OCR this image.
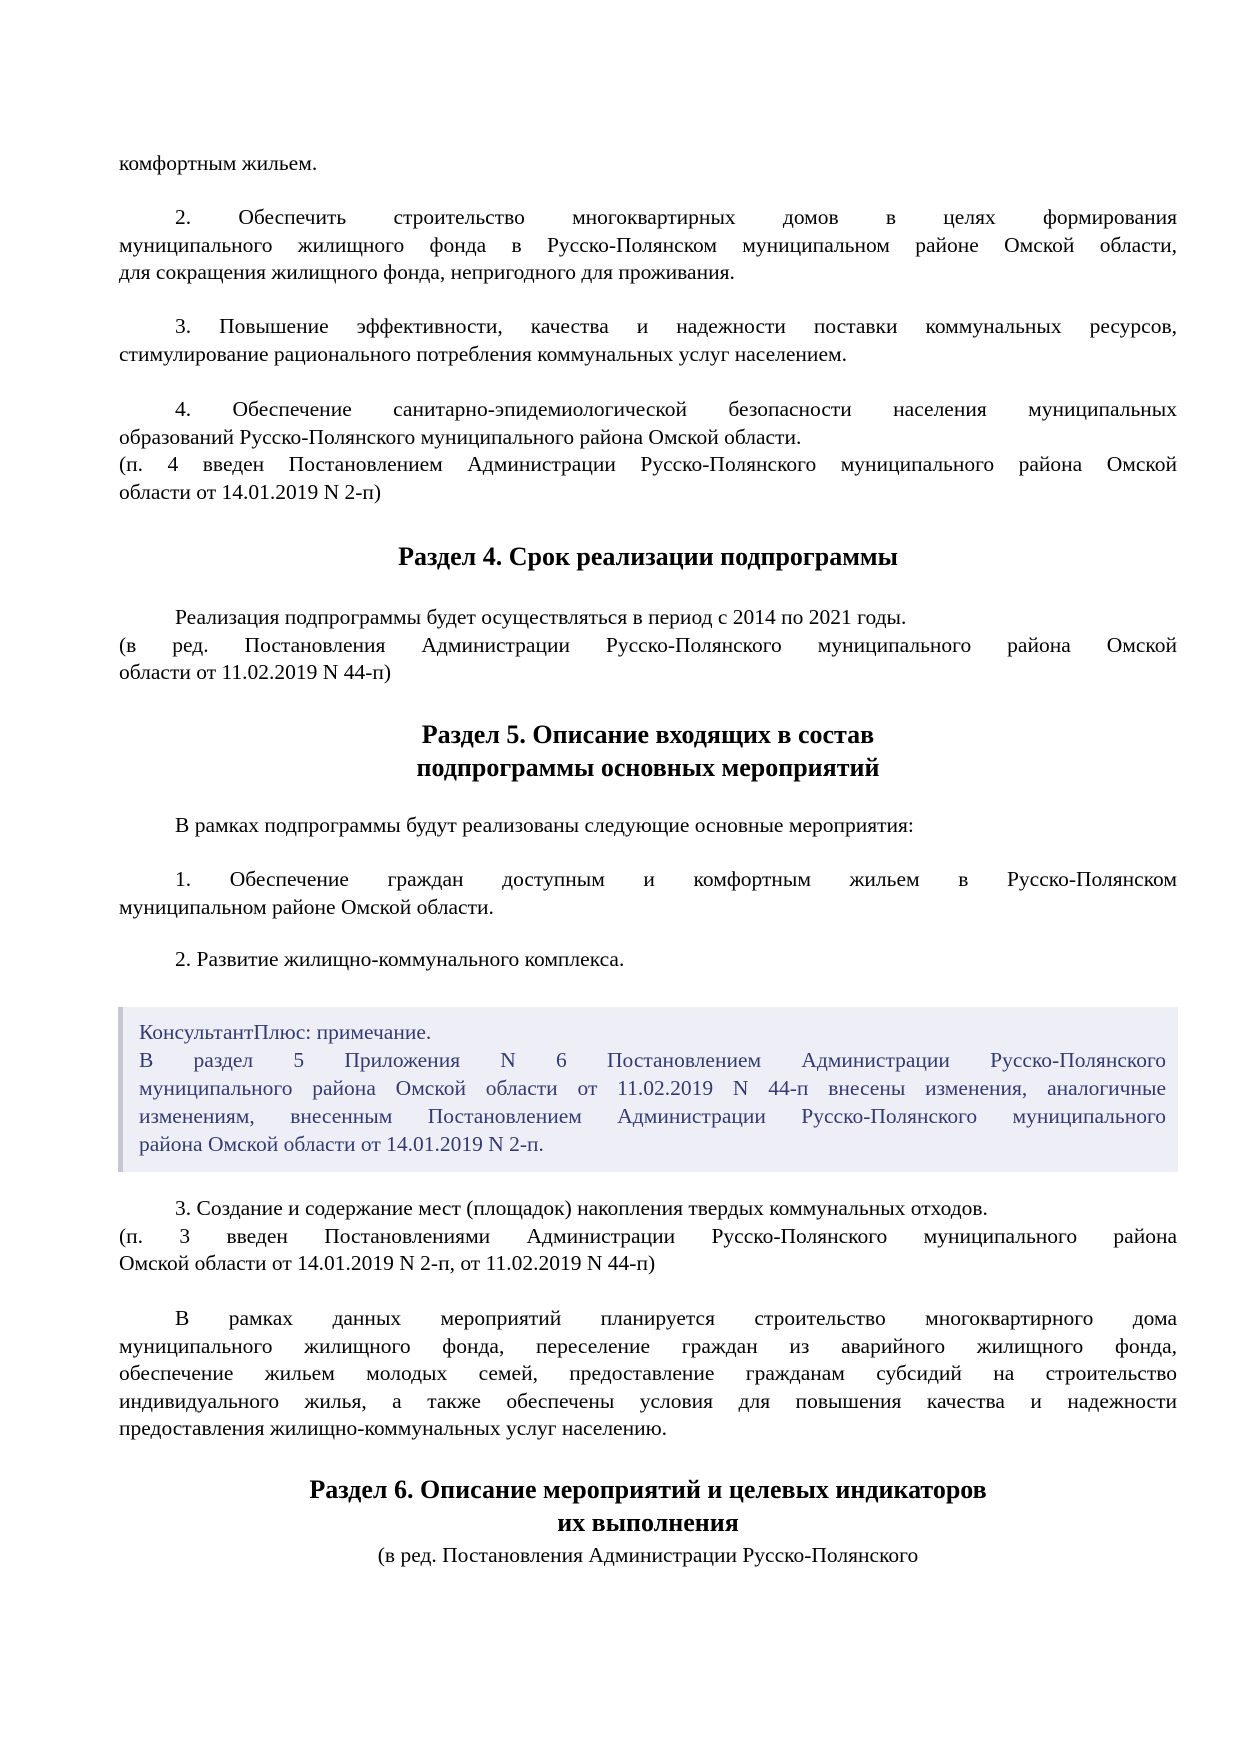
комфортным жильем.
2. Обеспечить строительство многоквартирных домов в целях формирования
муниципального жилищного фонда в Русско-Полянском муниципальном районе Омской области,
для сокращения жилищного фонда, непригодного для проживания.
3. Повышение эффективности, качества и надежности поставки коммунальных ресурсов,
стимулирование рационального потребления коммунальных услуг населением.
4. Обеспечение санитарно-эпидемиологической безопасности населения муниципальных
образований Русско-Полянского муниципального района Омской области.
(п. 4 введен Постановлением Администрации Русско-Полянского муниципального района Омской
области от 14.01.2019 N 2-п)
Раздел 4. Срок реализации подпрограммы
Реализация подпрограммы будет осуществляться в период с 2014 по 2021 годы.
(в ред. Постановления Администрации Русско-Полянского муниципального района Омской
области от 11.02.2019 N 44-п)
Раздел 5. Описание входящих в состав
подпрограммы основных мероприятий
В рамках подпрограммы будут реализованы следующие основные мероприятия:
1. Обеспечение граждан доступным и комфортным жильем в Русско-Полянском
муниципальном районе Омской области.
2. Развитие жилищно-коммунального комплекса.
КонсультантПлюс: примечание.
В раздел 5 Приложения N 6 Постановлением Администрации Русско-Полянского
муниципального района Омской области от 11.02.2019 N 44-п внесены изменения, аналогичные
изменениям, внесенным Постановлением Администрации Русско-Полянского муниципального
района Омской области от 14.01.2019 N 2-п.
3. Создание и содержание мест (площадок) накопления твердых коммунальных отходов.
(п. 3 введен Постановлениями Администрации Русско-Полянского муниципального района
Омской области от 14.01.2019 N 2-п, от 11.02.2019 N 44-п)
В рамках данных мероприятий планируется строительство многоквартирного дома
муниципального жилищного фонда, переселение граждан из аварийного жилищного фонда,
обеспечение жильем молодых семей, предоставление гражданам субсидий на строительство
индивидуального жилья, а также обеспечены условия для повышения качества и надежности
предоставления жилищно-коммунальных услуг населению.
Раздел 6. Описание мероприятий и целевых индикаторов
их выполнения
(в ред. Постановления Администрации Русско-Полянского
